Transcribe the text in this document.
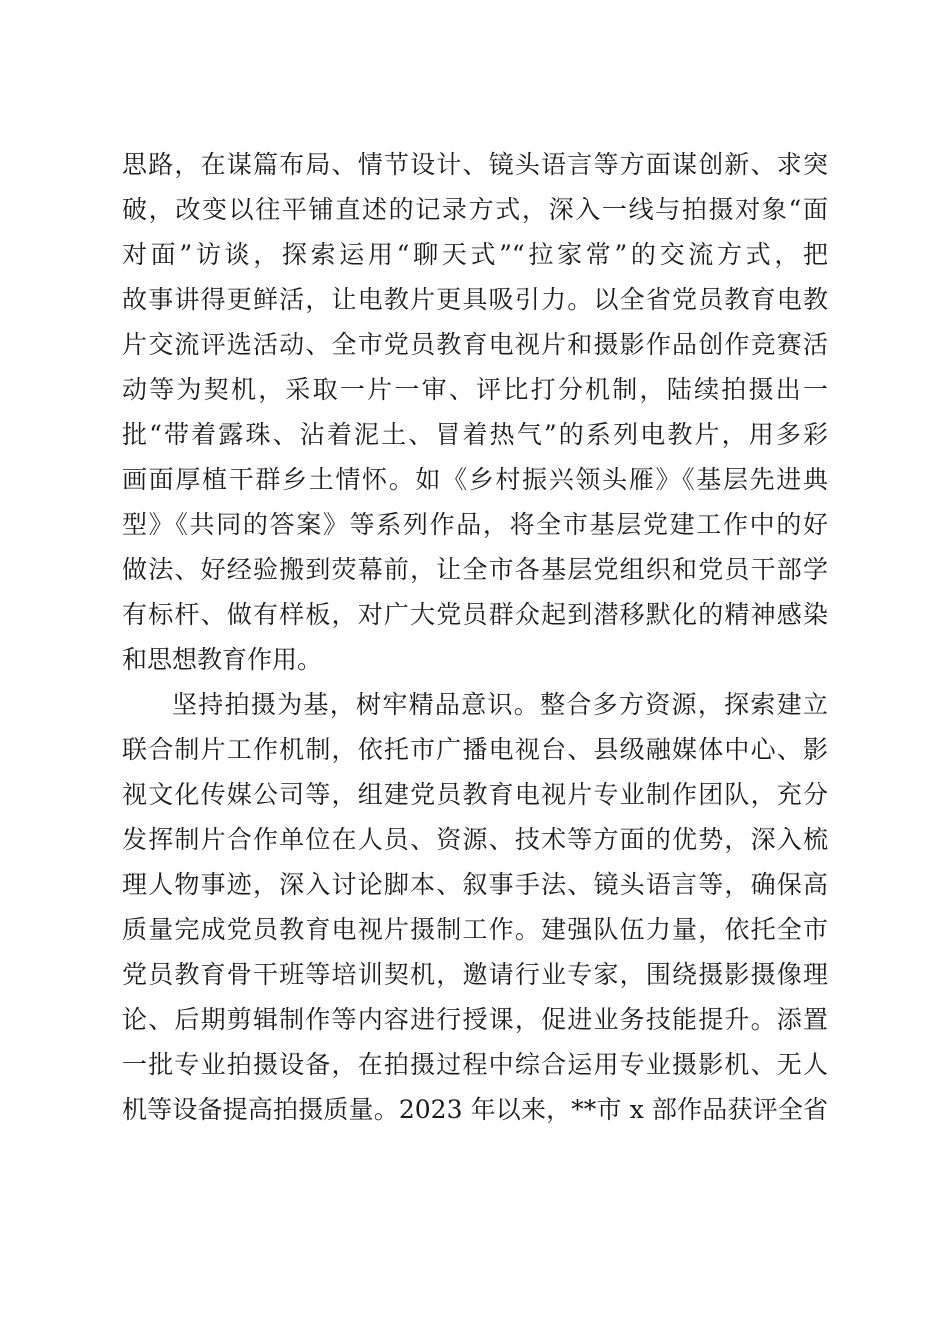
思路，在谋篇布局、情节设计、镜头语言等方面谋创新、求突
破，改变以往平铺直述的记录方式，深入一线与拍摄对象“面
对面”访谈，探索运用“聊天式”“拉家常”的交流方式，把
故事讲得更鲜活，让电教片更具吸引力。以全省党员教育电教
片交流评选活动、全市党员教育电视片和摄影作品创作竞赛活
动等为契机，采取一片一审、评比打分机制，陆续拍摄出一
批“带着露珠、沾着泥土、冒着热气”的系列电教片，用多彩
画面厚植干群乡土情怀。如《乡村振兴领头雁》《基层先进典
型》《共同的答案》等系列作品，将全市基层党建工作中的好
做法、好经验搬到荧幕前，让全市各基层党组织和党员干部学
有标杆、做有样板，对广大党员群众起到潜移默化的精神感染
和思想教育作用。
坚持拍摄为基，树牢精品意识。整合多方资源，探索建立
联合制片工作机制，依托市广播电视台、县级融媒体中心、影
视文化传媒公司等，组建党员教育电视片专业制作团队，充分
发挥制片合作单位在人员、资源、技术等方面的优势，深入梳
理人物事迹，深入讨论脚本、叙事手法、镜头语言等，确保高
质量完成党员教育电视片摄制工作。建强队伍力量，依托全市
党员教育骨干班等培训契机，邀请行业专家，围绕摄影摄像理
论、后期剪辑制作等内容进行授课，促进业务技能提升。添置
一批专业拍摄设备，在拍摄过程中综合运用专业摄影机、无人
机等设备提高拍摄质量。2023 年以来，**市 x 部作品获评全省
